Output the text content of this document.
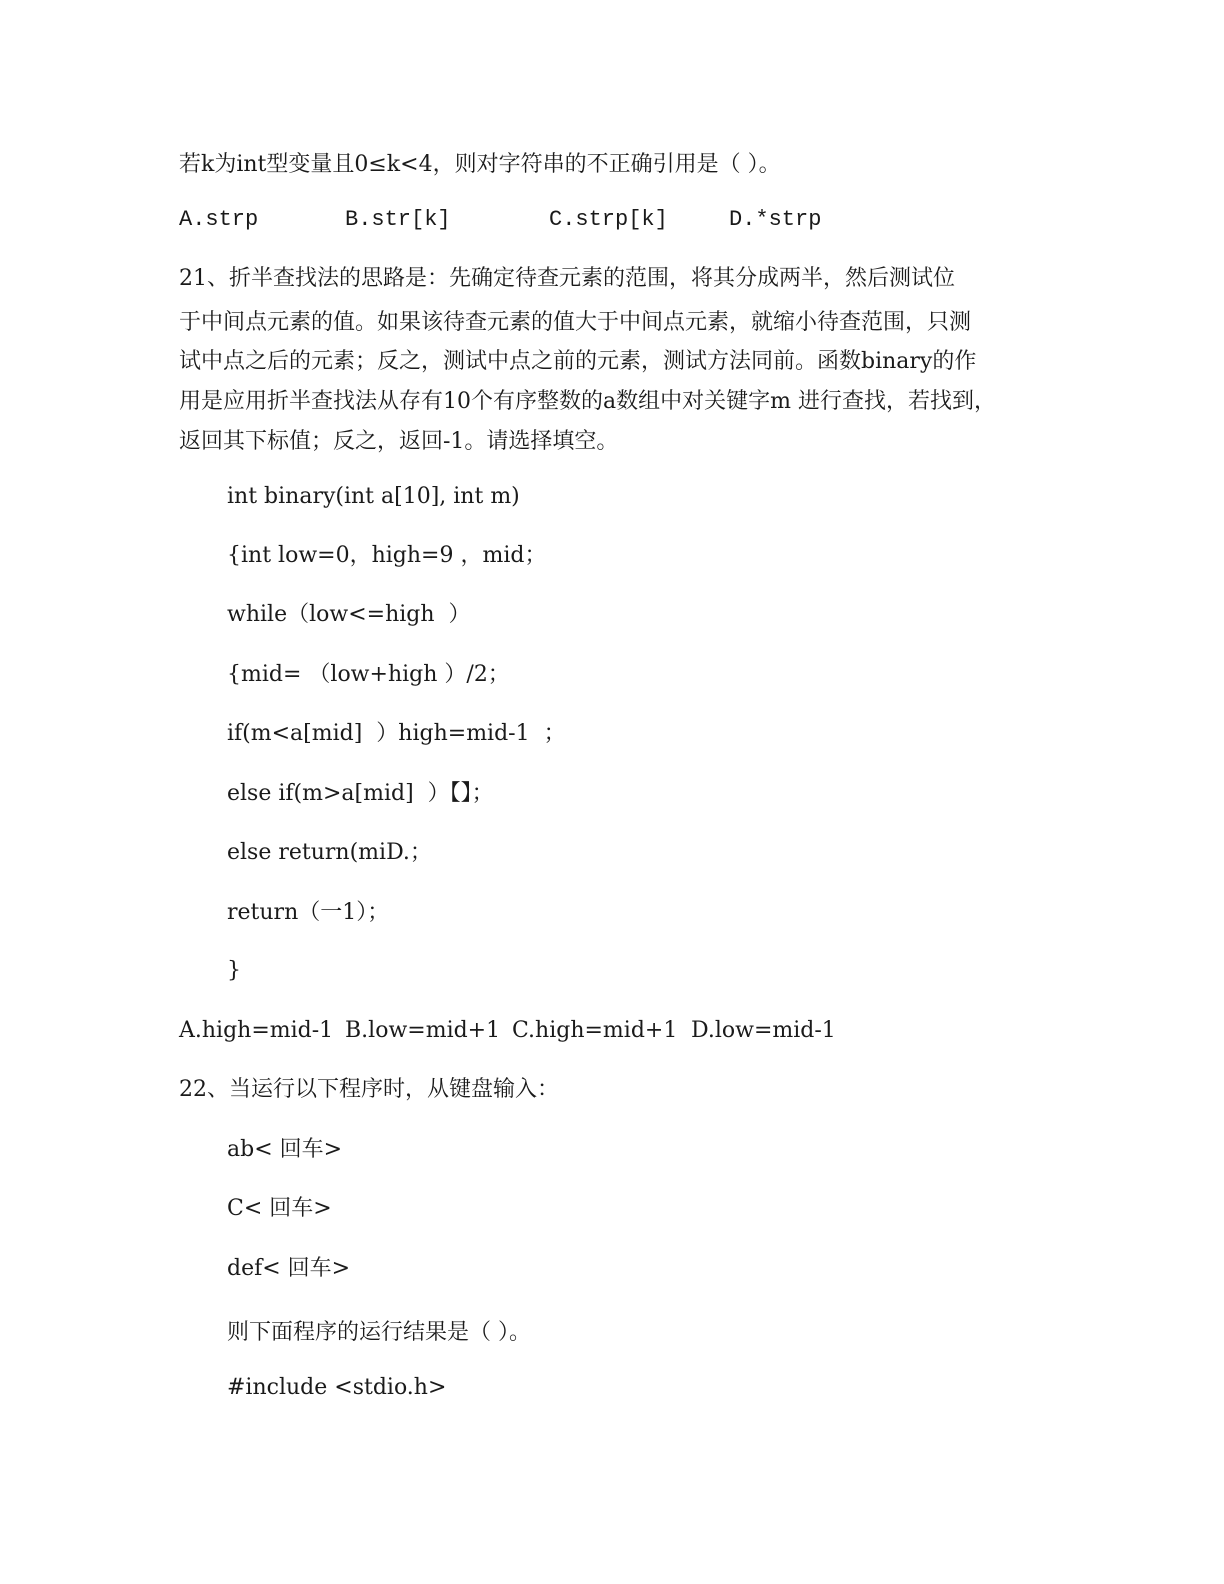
若k为int型变量且0≤k<4，则对字符串的不正确引用是（ ）。
A.strp	B.str[k]	C.strp[k]	D.*strp
21、折半查找法的思路是：先确定待查元素的范围，将其分成两半，然后测试位
于中间点元素的值。如果该待查元素的值大于中间点元素，就缩小待查范围，只测
试中点之后的元素；反之，测试中点之前的元素，测试方法同前。函数binary的作
用是应用折半查找法从存有10个有序整数的a数组中对关键字m 进行查找，若找到，
返回其下标值；反之，返回-1。请选择填空。
int binary(int a[10], int m)
{int low=0，high=9 ，mid；
while（low<=high  ）
{mid= （low+high ）/2；
if(m<a[mid]  ）high=mid-1  ；
else if(m>a[mid]  ）【】；
else return(miD.；
return（一1）；
}
A.high=mid-1 B.low=mid+1 C.high=mid+1 D.low=mid-1
22、当运行以下程序时，从键盘输入：
ab< 回车>
C< 回车>
def< 回车>
则下面程序的运行结果是（ ）。
#include <stdio.h>
